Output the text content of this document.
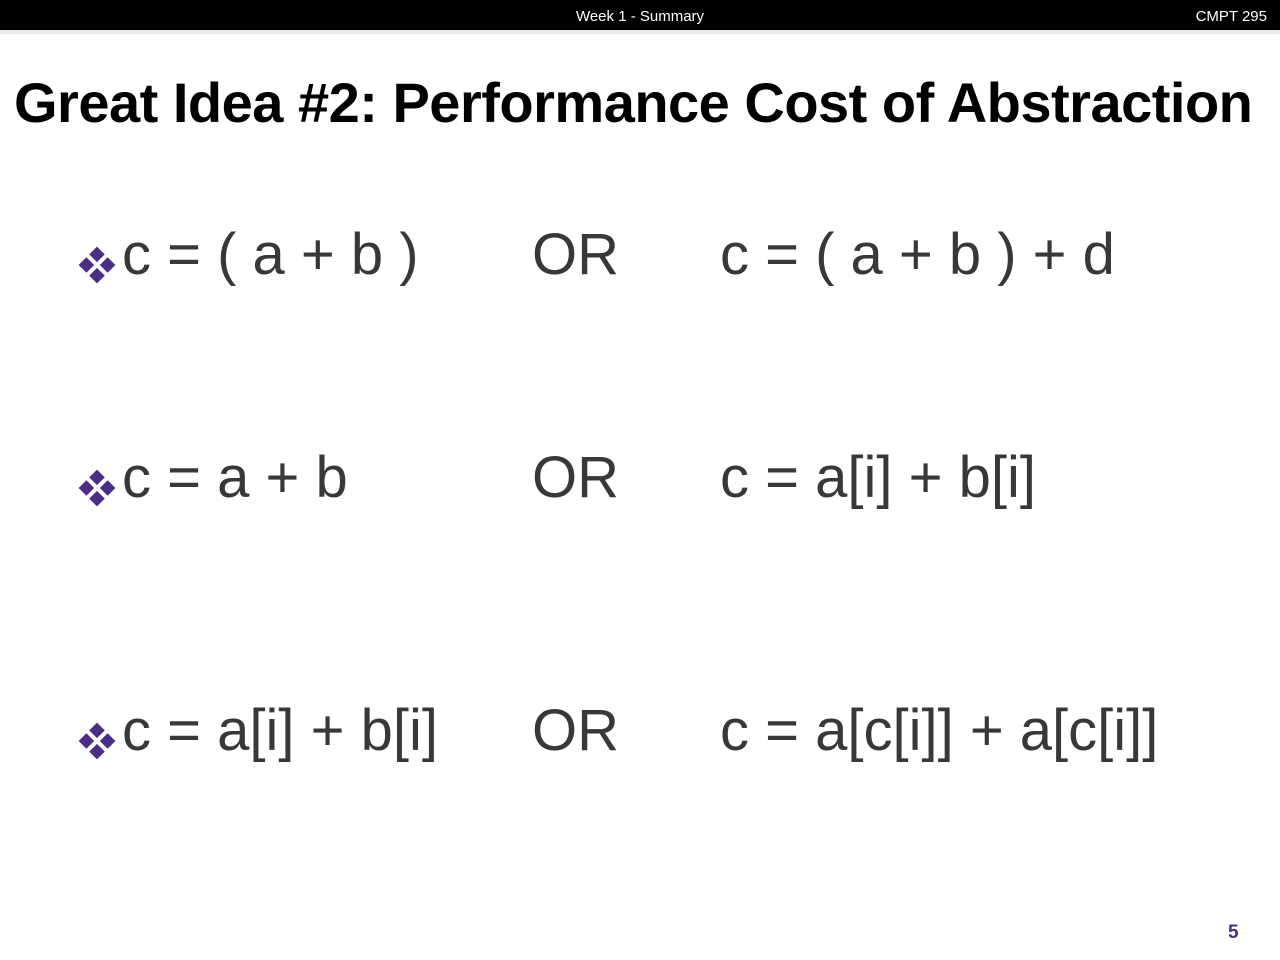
Week 1 - Summary	CMPT 295
Great Idea #2: Performance Cost of Abstraction
c = ( a + b ) OR c = ( a + b ) + d
c = a + b	OR c = a[i] + b[i]
c = a[i] + b[i] OR c = a[c[i]] + a[c[i]]
5
